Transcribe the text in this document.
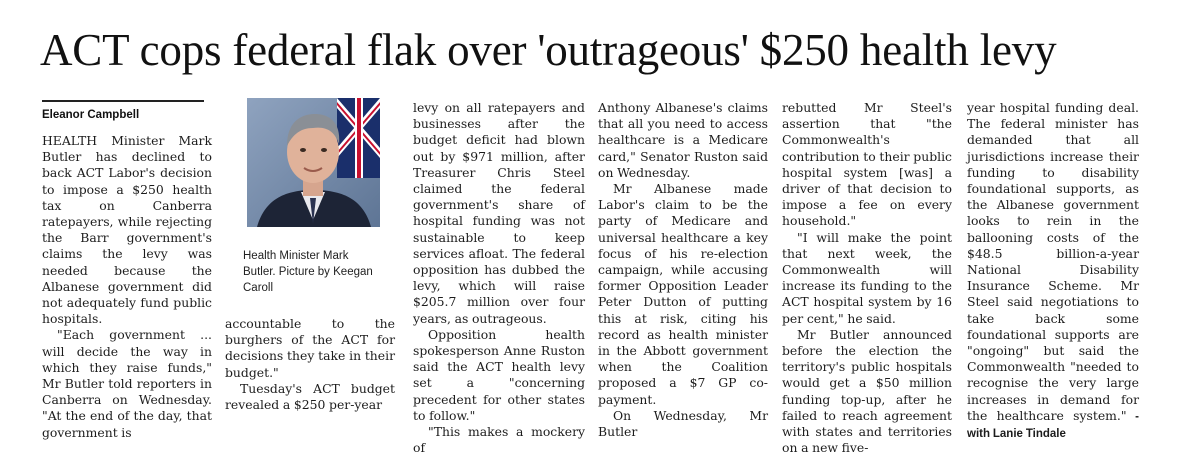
ACT cops federal flak over 'outrageous' $250 health levy
Eleanor Campbell

HEALTH Minister Mark Butler has declined to back ACT Labor's decision to impose a $250 health tax on Canberra ratepayers, while rejecting the Barr government's claims the levy was needed because the Albanese government did not adequately fund public hospitals.

"Each government ... will decide the way in which they raise funds," Mr Butler told reporters in Canberra on Wednesday. "At the end of the day, that government is

Health Minister Mark Butler. Picture by Keegan Caroll

accountable to the burghers of the ACT for decisions they take in their budget."

Tuesday's ACT budget revealed a $250 per-year

levy on all ratepayers and businesses after the budget deficit had blown out by $971 million, after Treasurer Chris Steel claimed the federal government's share of hospital funding was not sustainable to keep services afloat. The federal opposition has dubbed the levy, which will raise $205.7 million over four years, as outrageous.

Opposition health spokesperson Anne Ruston said the ACT health levy set a "concerning precedent for other states to follow."

"This makes a mockery of

Anthony Albanese's claims that all you need to access healthcare is a Medicare card," Senator Ruston said on Wednesday.

Mr Albanese made Labor's claim to be the party of Medicare and universal healthcare a key focus of his re-election campaign, while accusing former Opposition Leader Peter Dutton of putting this at risk, citing his record as health minister in the Abbott government when the Coalition proposed a $7 GP co-payment.

On Wednesday, Mr Butler

rebutted Mr Steel's assertion that "the Commonwealth's contribution to their public hospital system [was] a driver of that decision to impose a fee on every household."

"I will make the point that next week, the Commonwealth will increase its funding to the ACT hospital system by 16 per cent," he said.

Mr Butler announced before the election the territory's public hospitals would get a $50 million funding top-up, after he failed to reach agreement with states and territories on a new five-

year hospital funding deal. The federal minister has demanded that all jurisdictions increase their funding to disability foundational supports, as the Albanese government looks to rein in the ballooning costs of the $48.5 billion-a-year National Disability Insurance Scheme. Mr Steel said negotiations to take back some foundational supports are "ongoing" but said the Commonwealth "needed to recognise the very large increases in demand for the healthcare system." - with Lanie Tindale
